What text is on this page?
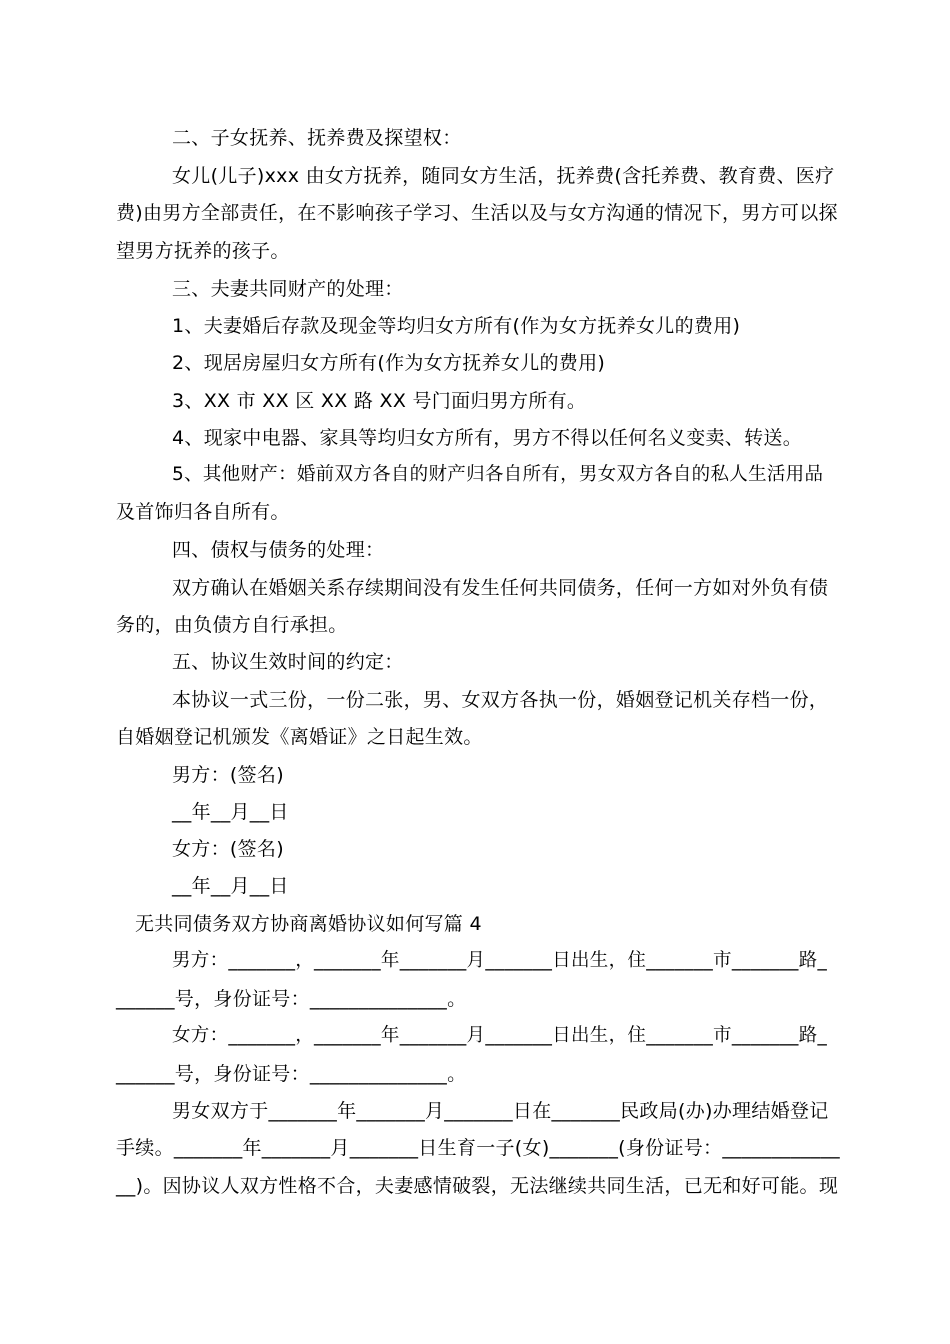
二、子女抚养、抚养费及探望权：
女儿(儿子)xxx 由女方抚养，随同女方生活，抚养费(含托养费、教育费、医疗
费)由男方全部责任，在不影响孩子学习、生活以及与女方沟通的情况下，男方可以探
望男方抚养的孩子。
三、夫妻共同财产的处理：
1、夫妻婚后存款及现金等均归女方所有(作为女方抚养女儿的费用)
2、现居房屋归女方所有(作为女方抚养女儿的费用)
3、XX 市 XX 区 XX 路 XX 号门面归男方所有。
4、现家中电器、家具等均归女方所有，男方不得以任何名义变卖、转送。
5、其他财产：婚前双方各自的财产归各自所有，男女双方各自的私人生活用品
及首饰归各自所有。
四、债权与债务的处理：
双方确认在婚姻关系存续期间没有发生任何共同债务，任何一方如对外负有债
务的，由负债方自行承担。
五、协议生效时间的约定：
本协议一式三份，一份二张，男、女双方各执一份，婚姻登记机关存档一份，
自婚姻登记机颁发《离婚证》之日起生效。
男方：(签名)
__年__月__日
女方：(签名)
__年__月__日
无共同债务双方协商离婚协议如何写篇 4
男方：_______，_______年_______月_______日出生，住_______市_______路_
______号，身份证号：______________。
女方：_______，_______年_______月_______日出生，住_______市_______路_
______号，身份证号：______________。
男女双方于_______年_______月_______日在_______民政局(办)办理结婚登记
手续。_______年_______月_______日生育一子(女)_______(身份证号：____________
__)。因协议人双方性格不合，夫妻感情破裂，无法继续共同生活，已无和好可能。现
